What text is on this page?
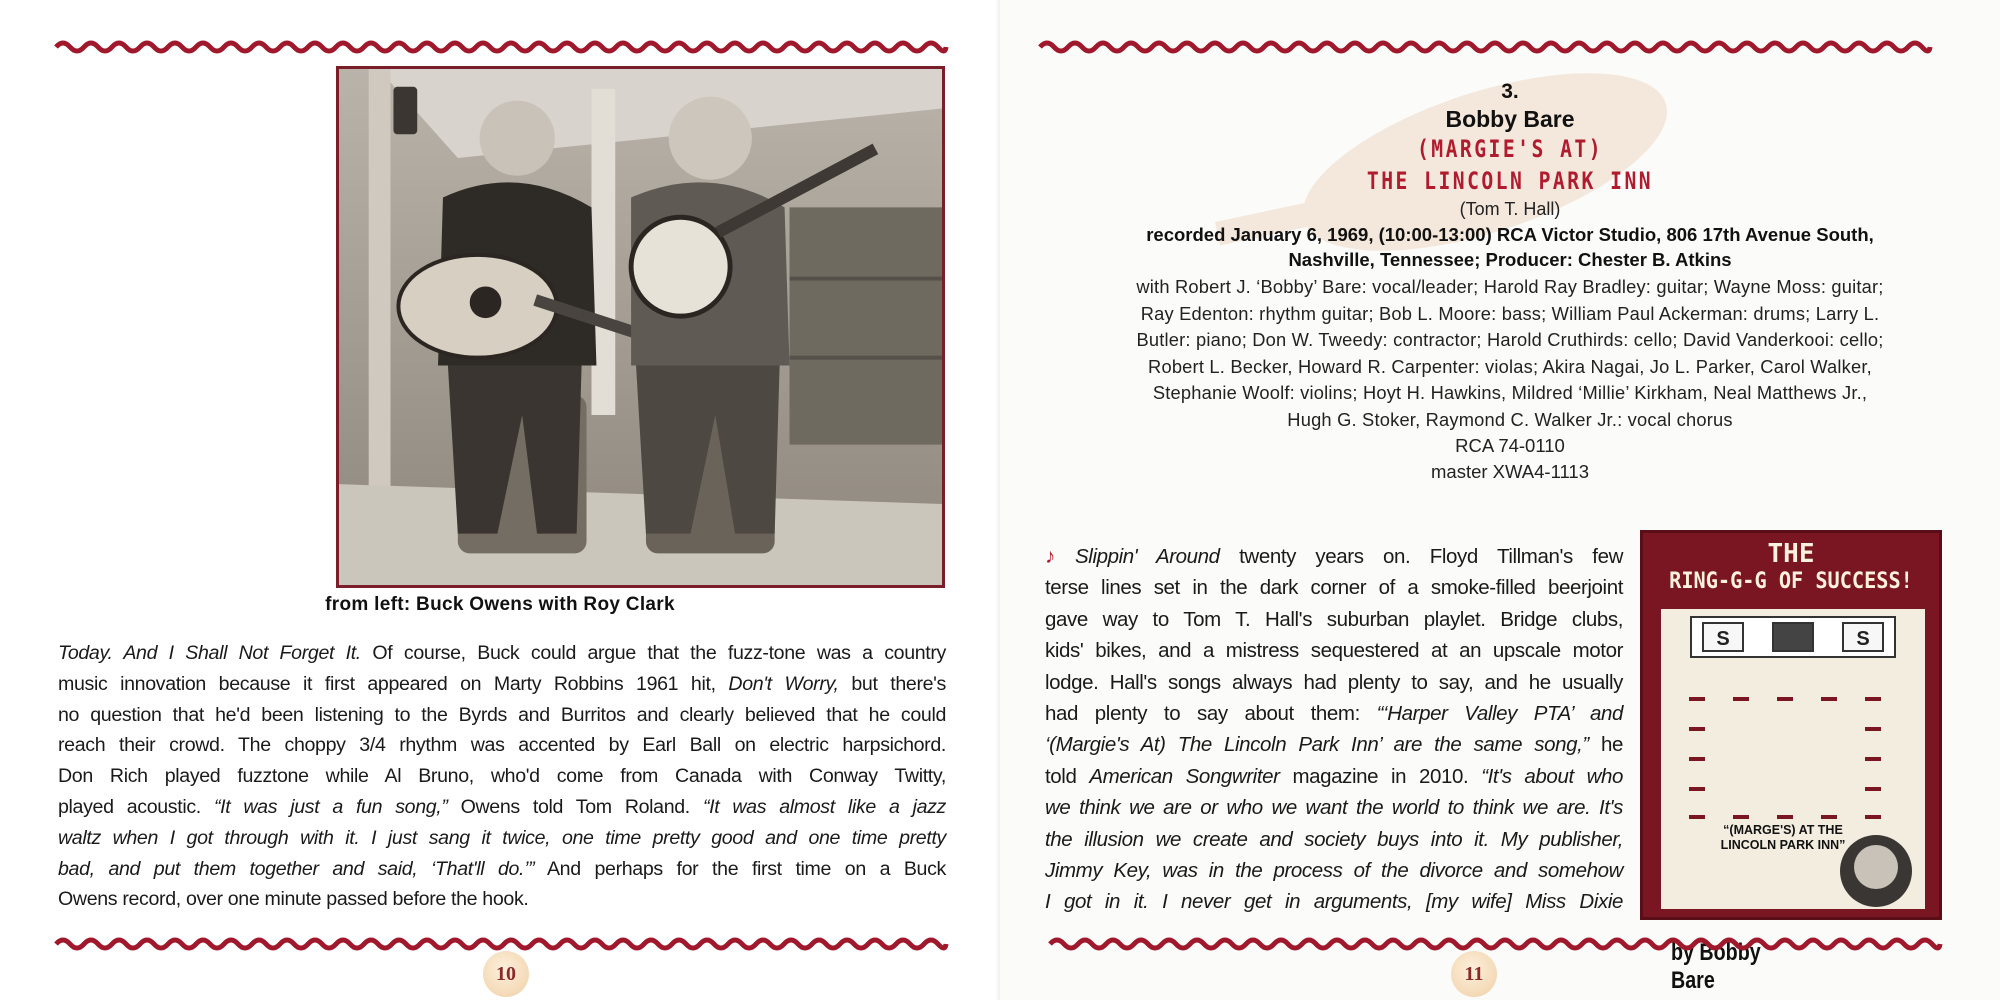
from left: Buck Owens with Roy Clark
Today. And I Shall Not Forget It. Of course, Buck could argue that the fuzz-tone was a country
music innovation because it first appeared on Marty Robbins 1961 hit, Don't Worry, but there's
no question that he'd been listening to the Byrds and Burritos and clearly believed that he could
reach their crowd. The choppy 3/4 rhythm was accented by Earl Ball on electric harpsichord.
Don Rich played fuzztone while Al Bruno, who'd come from Canada with Conway Twitty,
played acoustic. “It was just a fun song,” Owens told Tom Roland. “It was almost like a jazz
waltz when I got through with it. I just sang it twice, one time pretty good and one time pretty
bad, and put them together and said, ‘That'll do.’” And perhaps for the first time on a Buck
Owens record, over one minute passed before the hook.
10
3.
Bobby Bare
(MARGIE'S AT)
THE LINCOLN PARK INN
(Tom T. Hall)
recorded January 6, 1969, (10:00-13:00) RCA Victor Studio, 806 17th Avenue South,
Nashville, Tennessee; Producer: Chester B. Atkins
with Robert J. ‘Bobby’ Bare: vocal/leader; Harold Ray Bradley: guitar; Wayne Moss: guitar;
Ray Edenton: rhythm guitar; Bob L. Moore: bass; William Paul Ackerman: drums; Larry L.
Butler: piano; Don W. Tweedy: contractor; Harold Cruthirds: cello; David Vanderkooi: cello;
Robert L. Becker, Howard R. Carpenter: violas; Akira Nagai, Jo L. Parker, Carol Walker,
Stephanie Woolf: violins; Hoyt H. Hawkins, Mildred ‘Millie’ Kirkham, Neal Matthews Jr.,
Hugh G. Stoker, Raymond C. Walker Jr.: vocal chorus
RCA 74-0110
master XWA4-1113
♪ Slippin' Around twenty years on. Floyd Tillman's few
terse lines set in the dark corner of a smoke-filled beerjoint
gave way to Tom T. Hall's suburban playlet. Bridge clubs,
kids' bikes, and a mistress sequestered at an upscale motor
lodge. Hall's songs always had plenty to say, and he usually
had plenty to say about them: “‘Harper Valley PTA’ and
‘(Margie's At) The Lincoln Park Inn’ are the same song,” he
told American Songwriter magazine in 2010. “It's about who
we think we are or who we want the world to think we are. It's
the illusion we create and society buys into it. My publisher,
Jimmy Key, was in the process of the divorce and somehow
I got in it. I never get in arguments, [my wife] Miss Dixie
THE
RING-G-G OF SUCCESS!
S	S
“(MARGE'S) AT THE LINCOLN PARK INN”
by Bobby Bare
11
